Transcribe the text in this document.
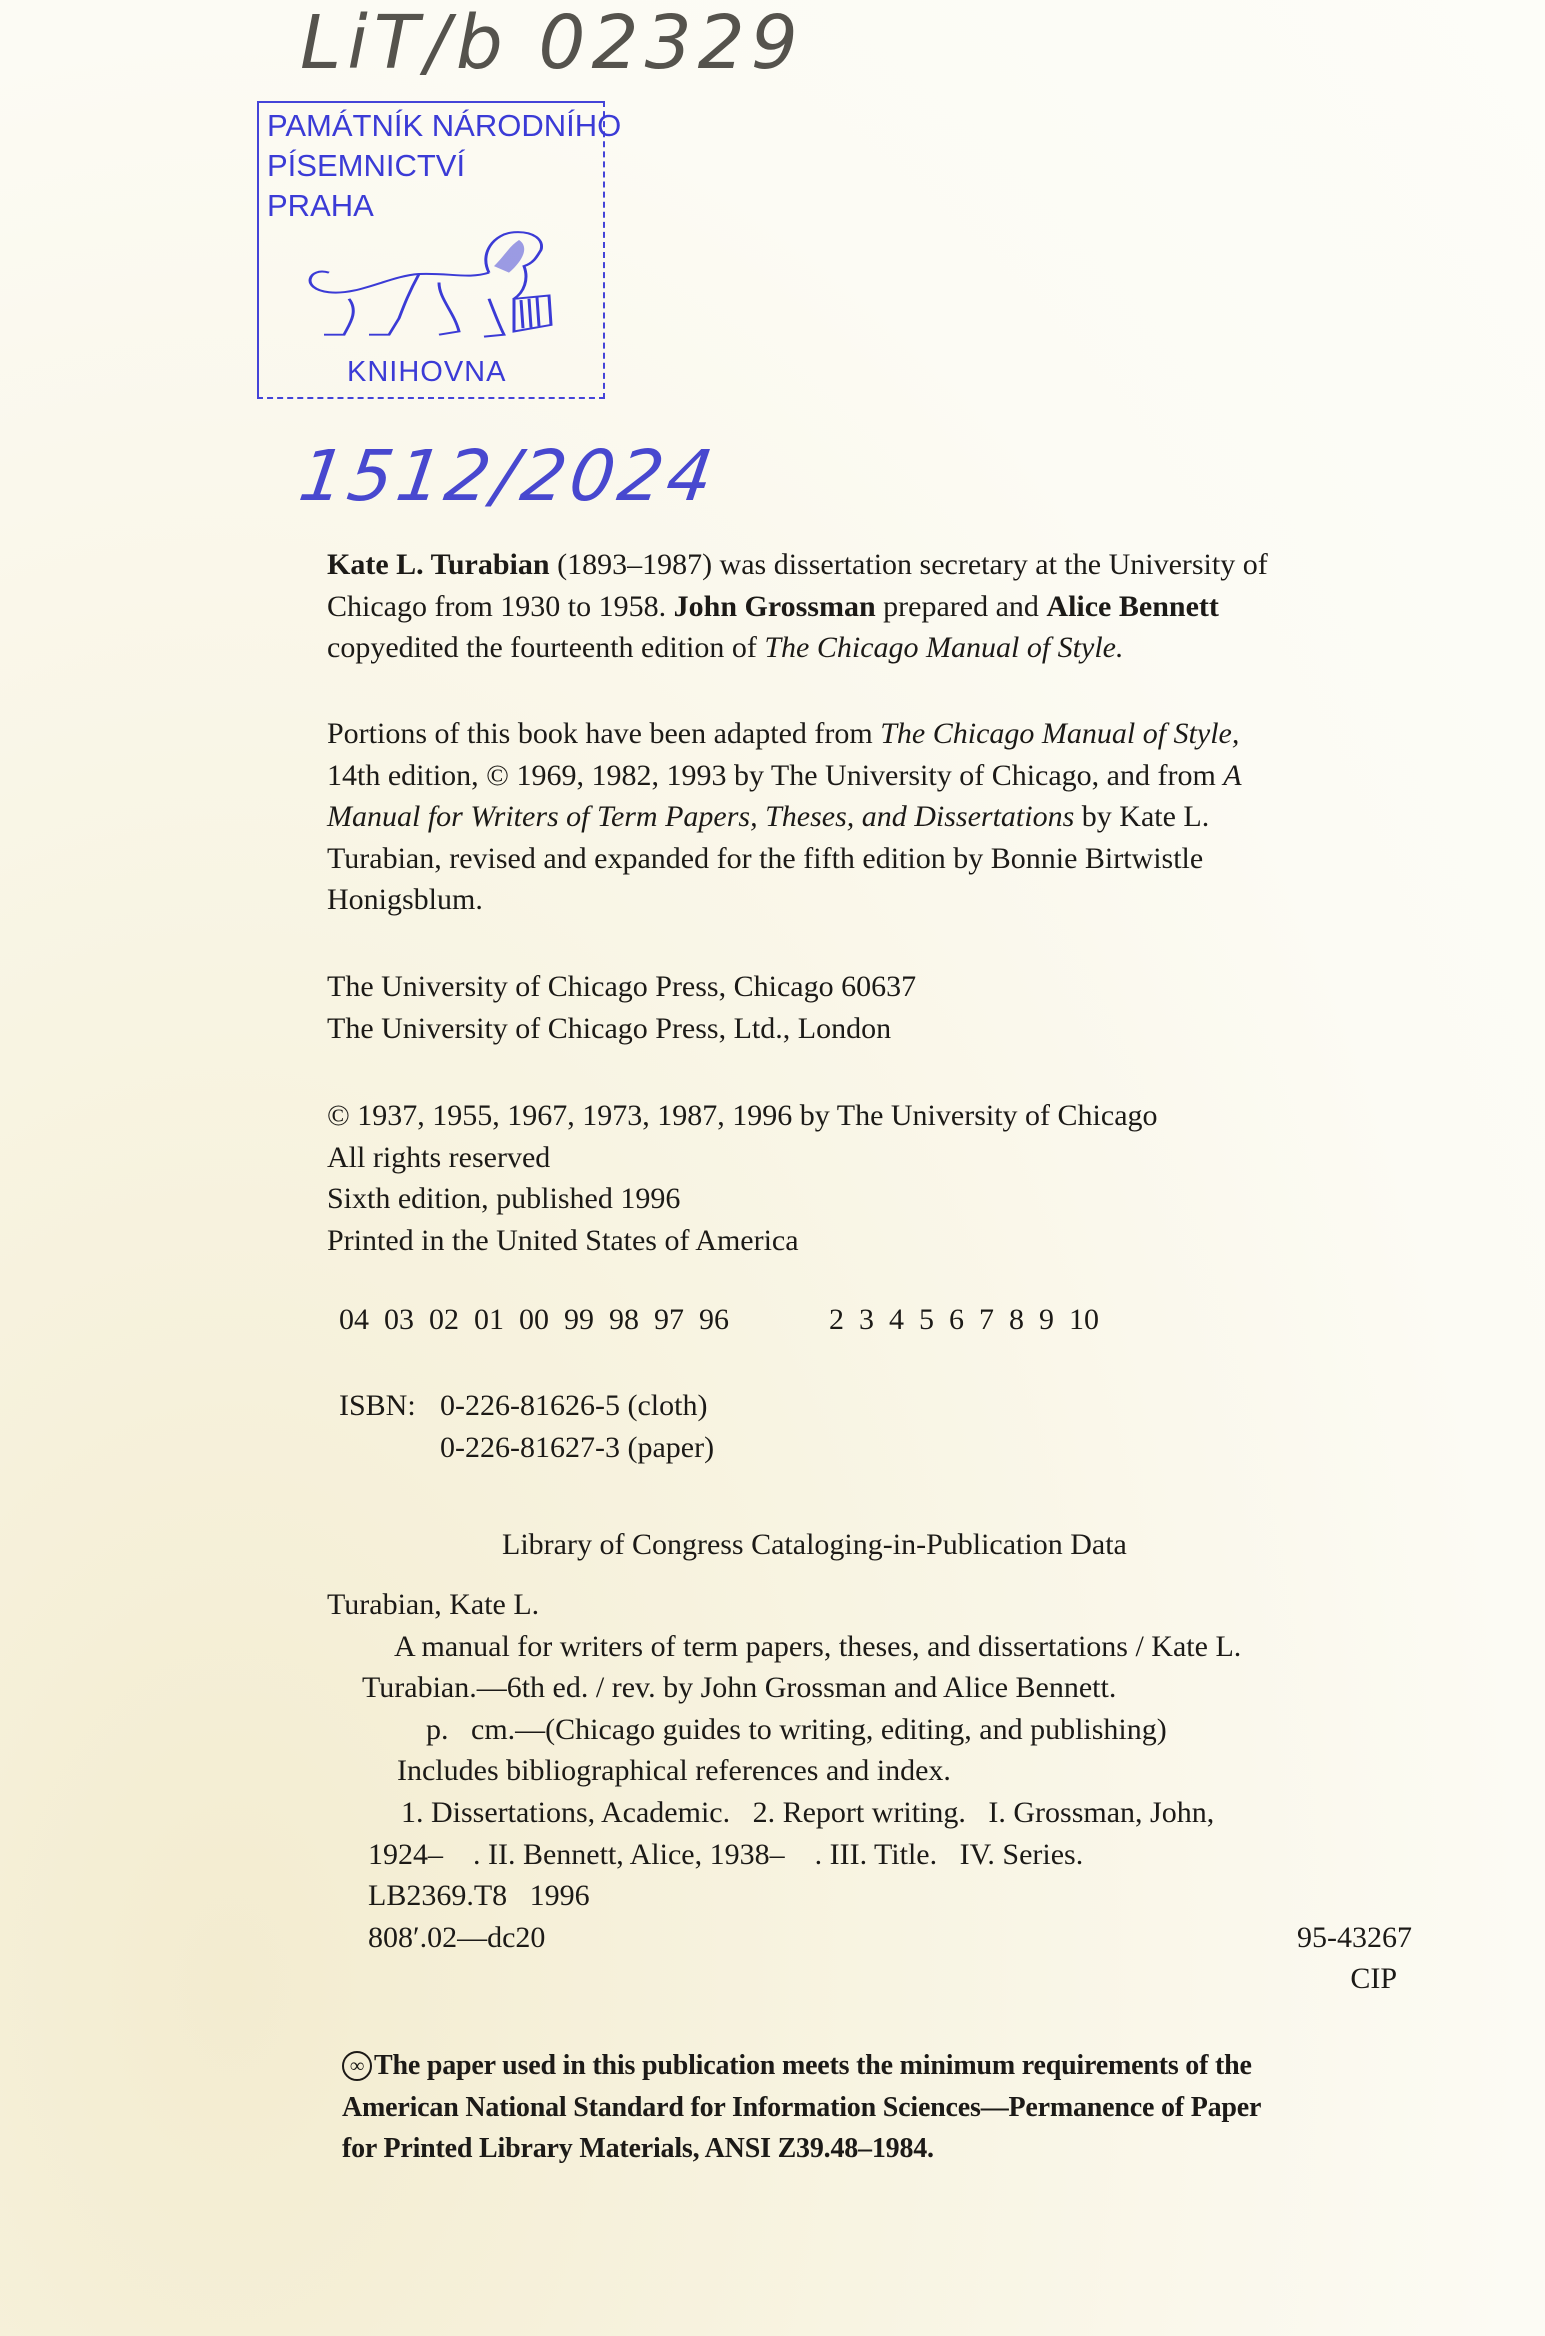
LiT/b 02329
PAMÁTNÍK NÁRODNÍHO
PÍSEMNICTVÍ
PRAHA
KNIHOVNA
1512/2024
Kate L. Turabian (1893–1987) was dissertation secretary at the University of
Chicago from 1930 to 1958. John Grossman prepared and Alice Bennett
copyedited the fourteenth edition of The Chicago Manual of Style.
Portions of this book have been adapted from The Chicago Manual of Style,
14th edition, © 1969, 1982, 1993 by The University of Chicago, and from A
Manual for Writers of Term Papers, Theses, and Dissertations by Kate L.
Turabian, revised and expanded for the fifth edition by Bonnie Birtwistle
Honigsblum.
The University of Chicago Press, Chicago 60637
The University of Chicago Press, Ltd., London
© 1937, 1955, 1967, 1973, 1987, 1996 by The University of Chicago
All rights reserved
Sixth edition, published 1996
Printed in the United States of America
04  03  02  01  00  99  98  97  96	2  3  4  5  6  7  8  9  10
ISBN: 0-226-81626-5 (cloth)
0-226-81627-3 (paper)
Library of Congress Cataloging-in-Publication Data
Turabian, Kate L.
A manual for writers of term papers, theses, and dissertations / Kate L.
Turabian.—6th ed. / rev. by John Grossman and Alice Bennett.
p.   cm.—(Chicago guides to writing, editing, and publishing)
Includes bibliographical references and index.
1. Dissertations, Academic.   2. Report writing.   I. Grossman, John,
1924–    . II. Bennett, Alice, 1938–    . III. Title.   IV. Series.
LB2369.T8   1996
808′.02—dc20	95-43267
CIP
∞ The paper used in this publication meets the minimum requirements of the
American National Standard for Information Sciences—Permanence of Paper
for Printed Library Materials, ANSI Z39.48–1984.
